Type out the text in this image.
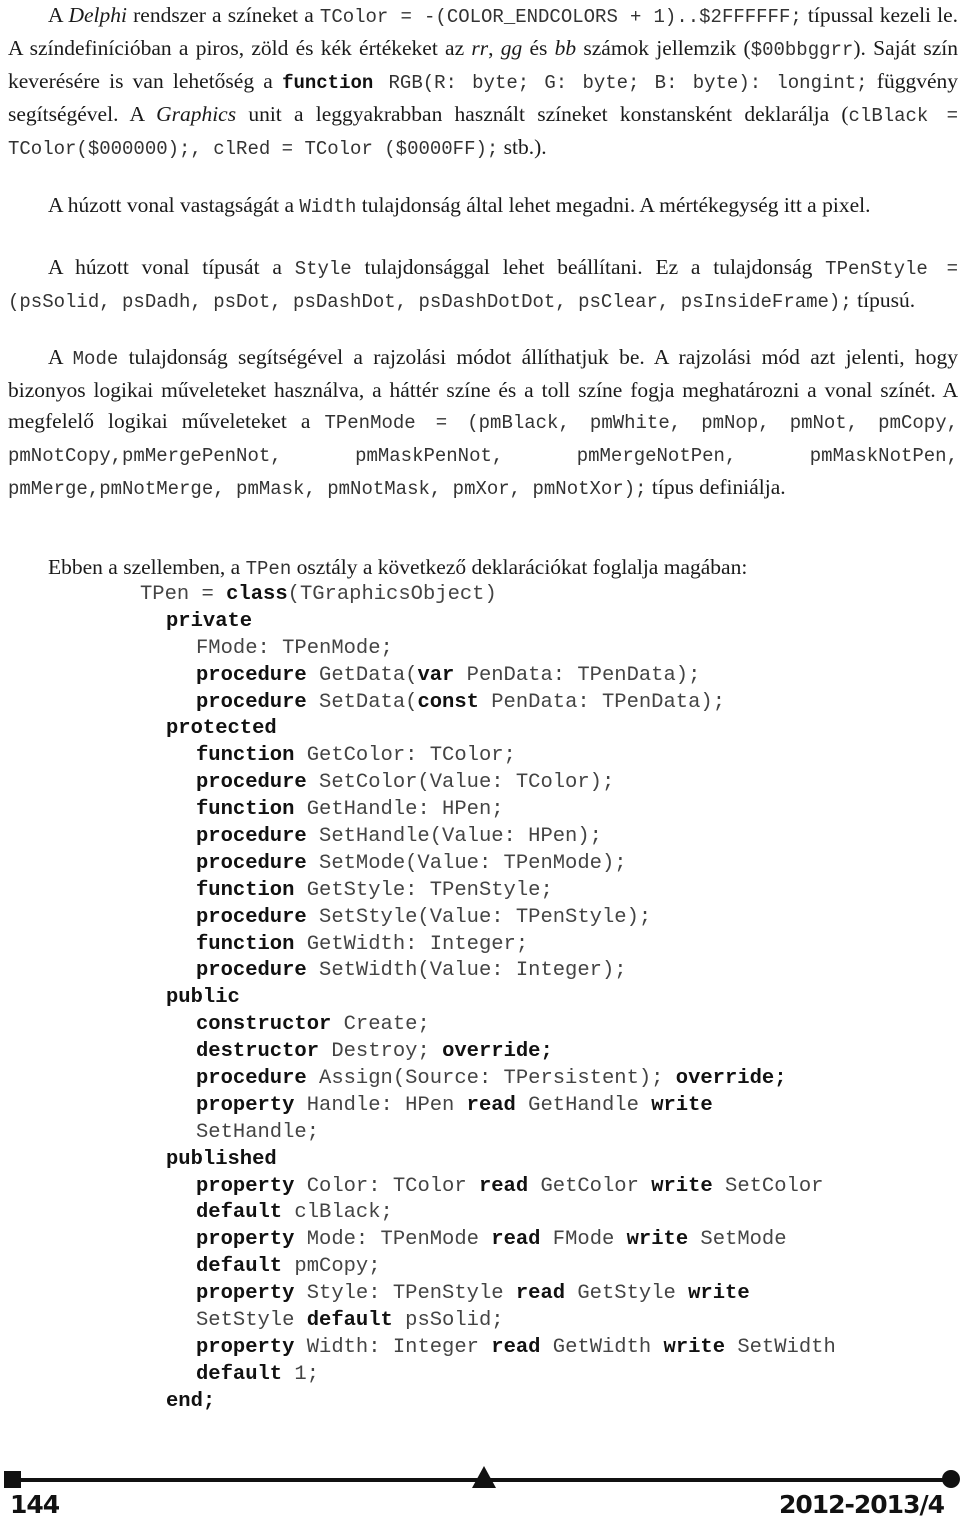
A Delphi rendszer a színeket a TColor = -(COLOR_ENDCOLORS + 1)..$2FFFFFF; típussal kezeli le. A színdefinícióban a piros, zöld és kék értékeket az rr, gg és bb számok jellemzik ($00bbggrr). Saját szín keverésére is van lehetőség a function RGB(R: byte; G: byte; B: byte): longint; függvény segítségével. A Graphics unit a leggyakrabban használt színeket konstansként deklarálja (clBlack = TColor($000000);, clRed = TColor ($0000FF); stb.).
A húzott vonal vastagságát a Width tulajdonság által lehet megadni. A mértékegység itt a pixel.
A húzott vonal típusát a Style tulajdonsággal lehet beállítani. Ez a tulajdonság TPenStyle = (psSolid, psDadh, psDot, psDashDot, psDashDotDot, psClear, psInsideFrame); típusú.
A Mode tulajdonság segítségével a rajzolási módot állíthatjuk be. A rajzolási mód azt jelenti, hogy bizonyos logikai műveleteket használva, a háttér színe és a toll színe fogja meghatározni a vonal színét. A megfelelő logikai műveleteket a TPenMode = (pmBlack, pmWhite, pmNop, pmNot, pmCopy, pmNotCopy,pmMergePenNot, pmMaskPenNot, pmMergeNotPen, pmMaskNotPen, pmMerge,pmNotMerge, pmMask, pmNotMask, pmXor, pmNotXor); típus definiálja.
Ebben a szellemben, a TPen osztály a következő deklarációkat foglalja magában:
TPen = class(TGraphicsObject)
private
FMode: TPenMode;
procedure GetData(var PenData: TPenData);
procedure SetData(const PenData: TPenData);
protected
function GetColor: TColor;
procedure SetColor(Value: TColor);
function GetHandle: HPen;
procedure SetHandle(Value: HPen);
procedure SetMode(Value: TPenMode);
function GetStyle: TPenStyle;
procedure SetStyle(Value: TPenStyle);
function GetWidth: Integer;
procedure SetWidth(Value: Integer);
public
constructor Create;
destructor Destroy; override;
procedure Assign(Source: TPersistent); override;
property Handle: HPen read GetHandle write
SetHandle;
published
property Color: TColor read GetColor write SetColor
default clBlack;
property Mode: TPenMode read FMode write SetMode
default pmCopy;
property Style: TPenStyle read GetStyle write
SetStyle default psSolid;
property Width: Integer read GetWidth write SetWidth
default 1;
end;
144	2012-2013/4
